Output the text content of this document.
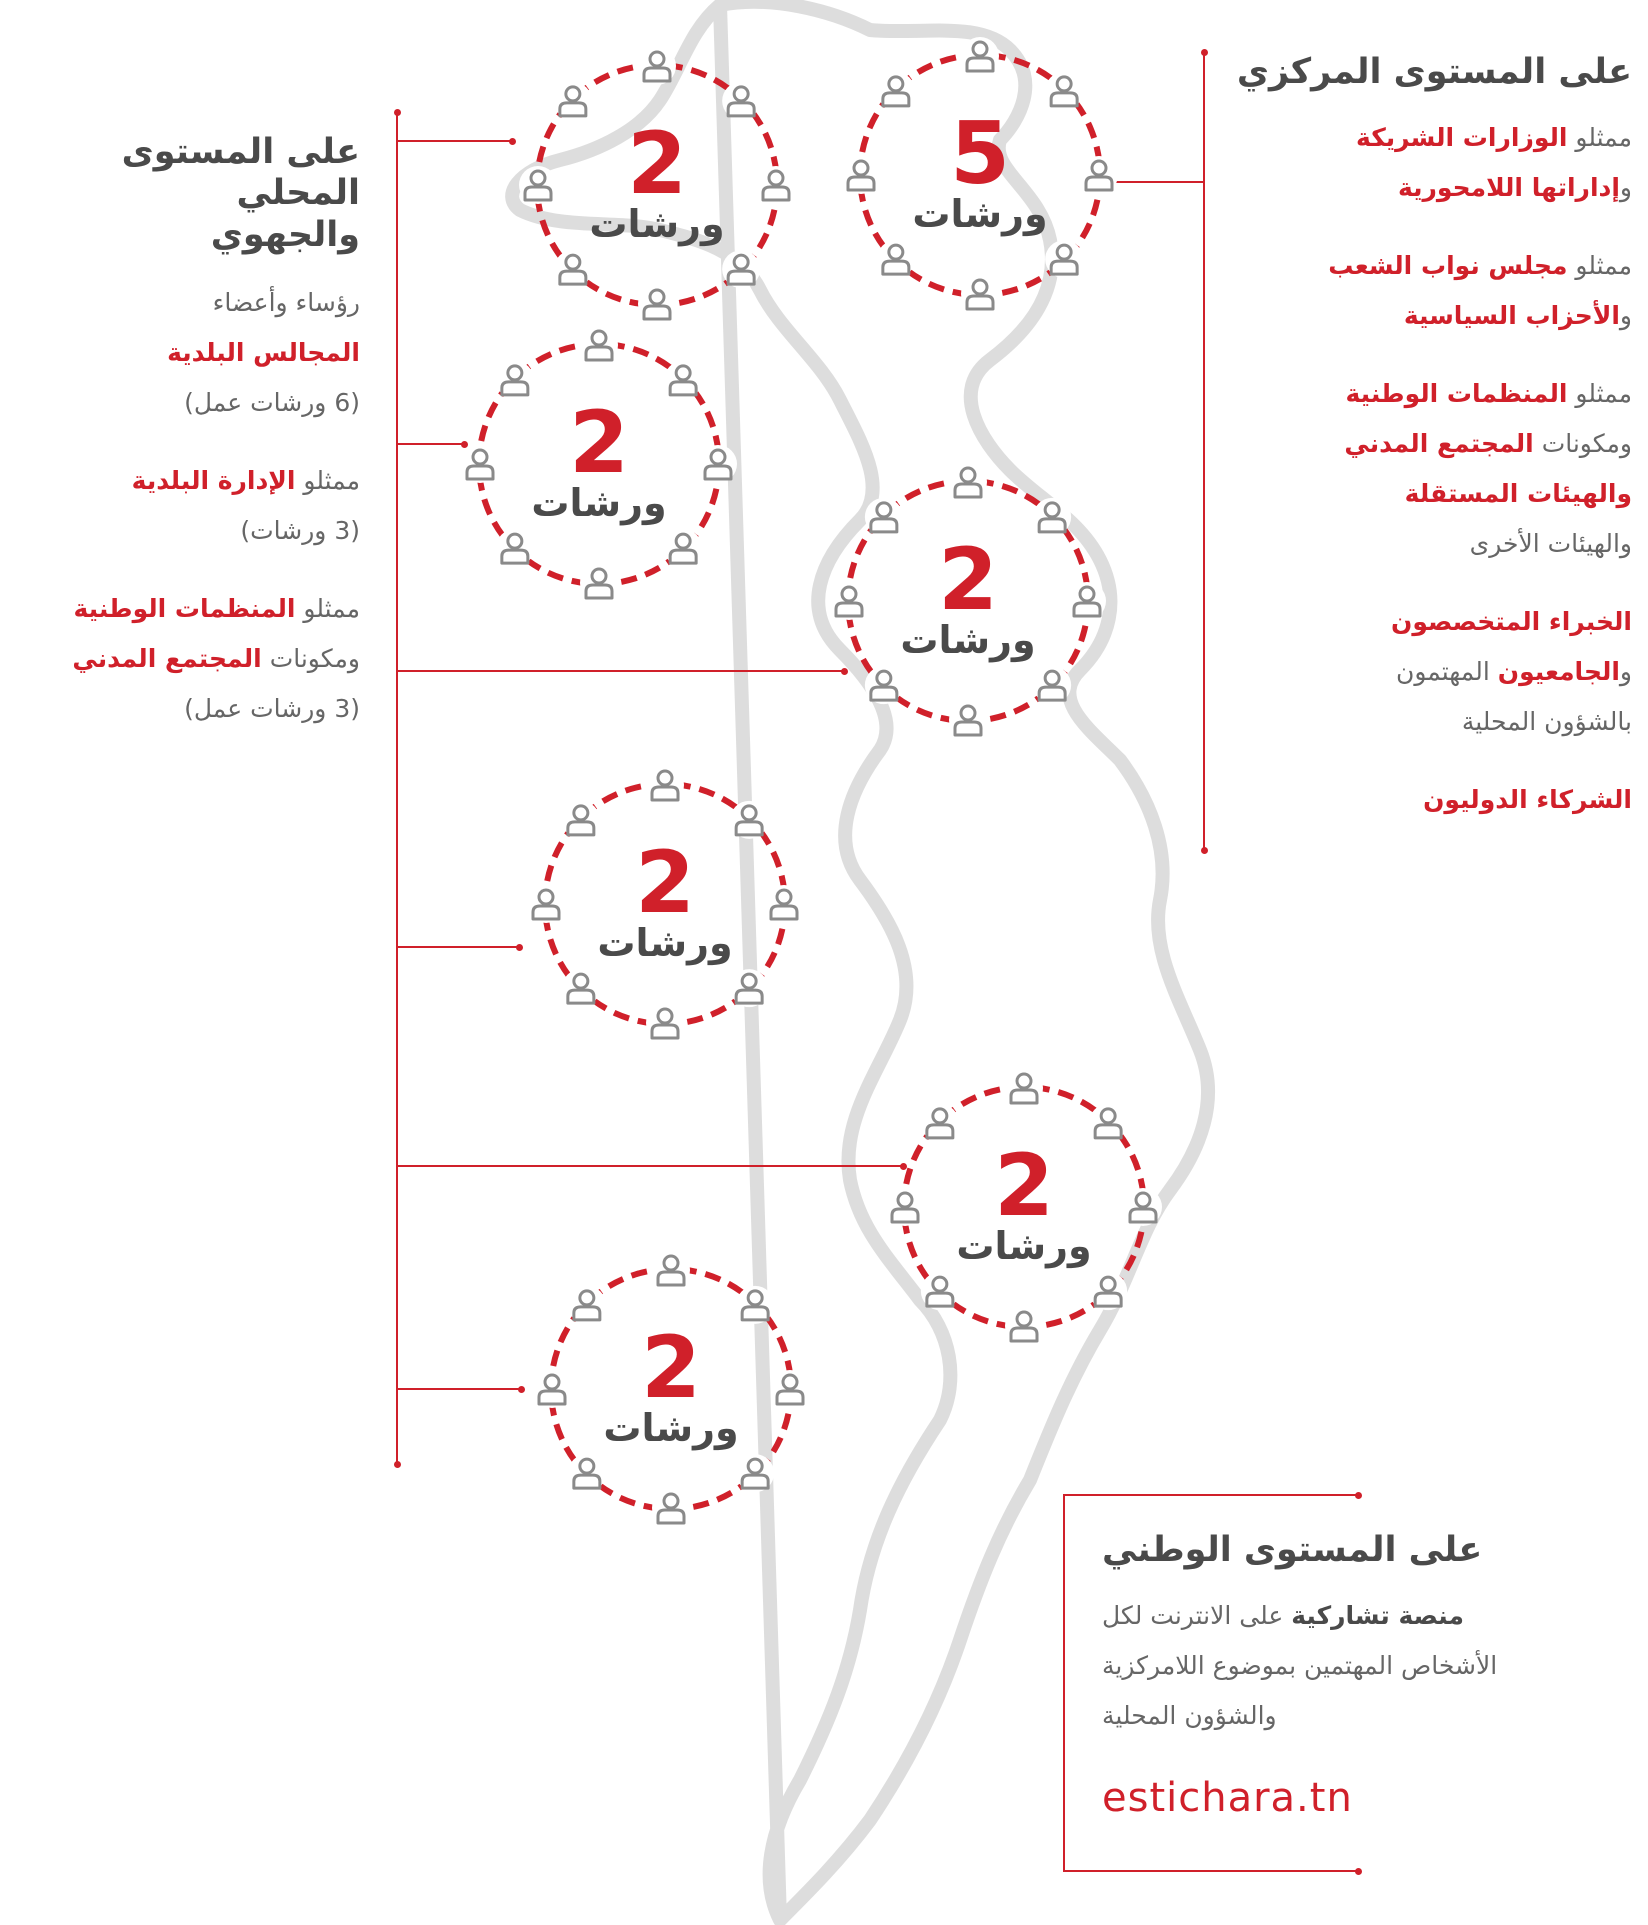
5
ورشات
2
ورشات
2
ورشات
2
ورشات
2
ورشات
2
ورشات
2
ورشات
على المستوى المركزي
ممثلو الوزارات الشريكة
وإداراتها اللامحورية
ممثلو مجلس نواب الشعب
والأحزاب السياسية
ممثلو المنظمات الوطنية
ومكونات المجتمع المدني
والهيئات المستقلة
والهيئات الأخرى
الخبراء المتخصصون
والجامعيون المهتمون
بالشؤون المحلية
الشركاء الدوليون
على المستوى
المحلي
والجهوي
رؤساء وأعضاء
المجالس البلدية
(6 ورشات عمل)
ممثلو الإدارة البلدية
(3 ورشات)
ممثلو المنظمات الوطنية
ومكونات المجتمع المدني
(3 ورشات عمل)
على المستوى الوطني
منصة تشاركية على الانترنت لكل
الأشخاص المهتمين بموضوع اللامركزية
والشؤون المحلية
estichara.tn
